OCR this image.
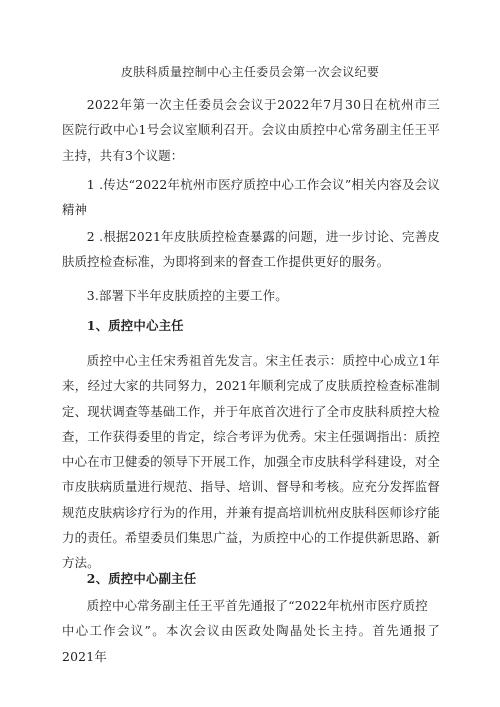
皮肤科质量控制中心主任委员会第一次会议纪要
2022年第一次主任委员会会议于2022年7月30日在杭州市三医院行政中心1号会议室顺利召开。会议由质控中心常务副主任王平主持，共有3个议题：
1 .传达“2022年杭州市医疗质控中心工作会议”相关内容及会议精神
2 .根据2021年皮肤质控检查暴露的问题，进一步讨论、完善皮肤质控检查标准，为即将到来的督查工作提供更好的服务。
3.部署下半年皮肤质控的主要工作。
1、质控中心主任
质控中心主任宋秀祖首先发言。宋主任表示：质控中心成立1年来，经过大家的共同努力，2021年顺利完成了皮肤质控检查标准制定、现状调查等基础工作，并于年底首次进行了全市皮肤科质控大检查，工作获得委里的肯定，综合考评为优秀。宋主任强调指出：质控中心在市卫健委的领导下开展工作，加强全市皮肤科学科建设，对全市皮肤病质量进行规范、指导、培训、督导和考核。应充分发挥监督规范皮肤病诊疗行为的作用，并兼有提高培训杭州皮肤科医师诊疗能力的责任。希望委员们集思广益，为质控中心的工作提供新思路、新方法。
2、质控中心副主任
质控中心常务副主任王平首先通报了“2022年杭州市医疗质控
中心工作会议”。本次会议由医政处陶晶处长主持。首先通报了2021年
